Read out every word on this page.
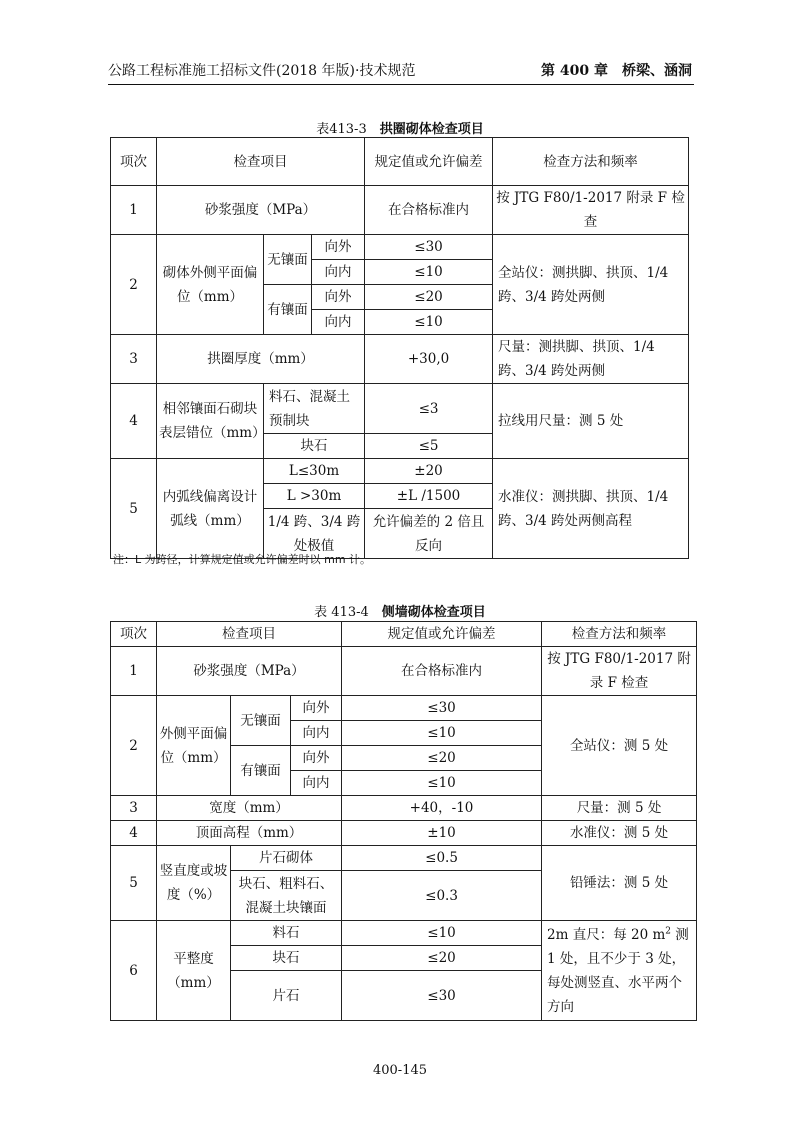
公路工程标准施工招标文件(2018 年版)·技术规范	第 400 章　桥梁、涵洞
表413-3　 拱圈砌体检查项目
项次	检查项目			规定值或允许偏差	检查方法和频率
1	砂浆强度（MPa）			在合格标准内	按 JTG F80/1-2017 附录 F 检查
2	砌体外侧平面偏位（mm）	无镶面	向外	≤30	全站仪：测拱脚、拱顶、1/4 跨、3/4 跨处两侧
			向内	≤10	
		有镶面	向外	≤20	
			向内	≤10	
3	拱圈厚度（mm）			+30,0	尺量：测拱脚、拱顶、1/4 跨、3/4 跨处两侧
4	相邻镶面石砌块表层错位（mm）	料石、混凝土预制块		≤3	拉线用尺量：测 5 处
		块石		≤5	
5	内弧线偏离设计弧线（mm）	L≤30m		±20	水准仪：测拱脚、拱顶、1/4 跨、3/4 跨处两侧高程
		L >30m		±L /1500	
		1/4 跨、3/4 跨处极值		允许偏差的 2 倍且反向	
注：L 为跨径，计算规定值或允许偏差时以 mm 计。
表 413-4　 侧墙砌体检查项目
项次	检查项目			规定值或允许偏差	检查方法和频率
1	砂浆强度（MPa）			在合格标准内	按 JTG F80/1-2017 附录 F 检查
2	外侧平面偏位（mm）	无镶面	向外	≤30	全站仪：测 5 处
			向内	≤10	
		有镶面	向外	≤20	
			向内	≤10	
3	宽度（mm）			+40，-10	尺量：测 5 处
4	顶面高程（mm）			±10	水准仪：测 5 处
5	竖直度或坡度（%）	片石砌体		≤0.5	铅锤法：测 5 处
		块石、粗料石、混凝土块镶面		≤0.3	
6	平整度（mm）	料石		≤10	2m 直尺：每 20 $m^2$ 测 1 处，且不少于 3 处，每处测竖直、水平两个方向
		块石		≤20	
		片石		≤30	
400-145
